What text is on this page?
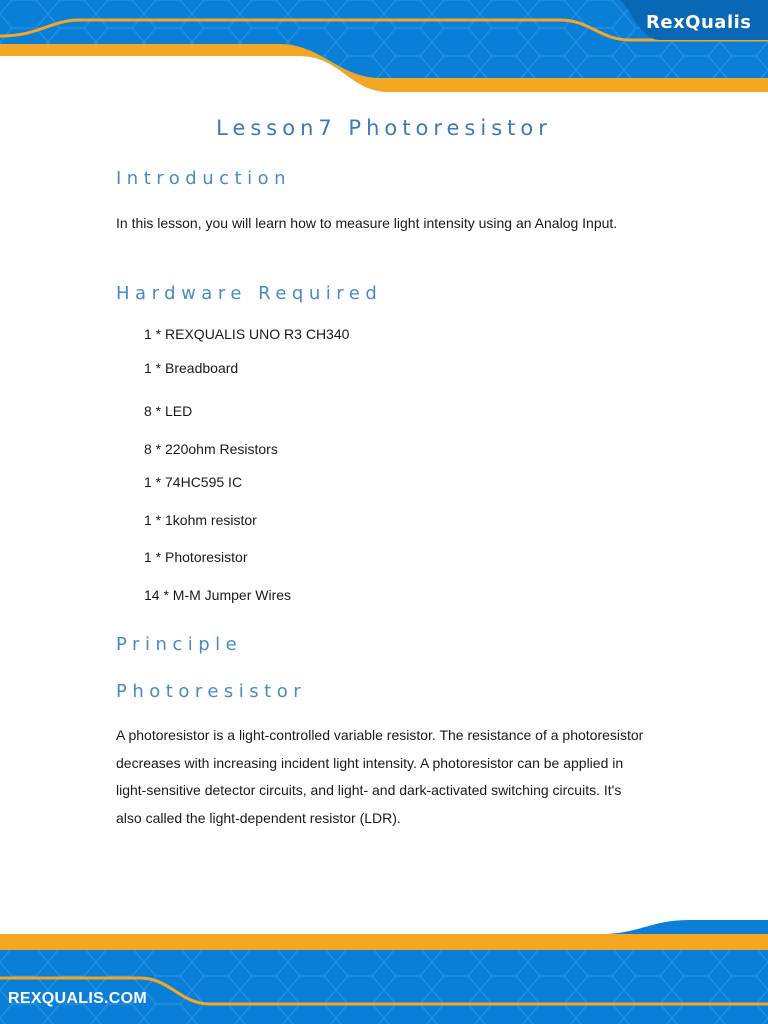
RexQualis
REXQUALIS.COM
Lesson7 Photoresistor
Introduction

In this lesson, you will learn how to measure light intensity using an Analog Input.

Hardware Required
1 * REXQUALIS UNO R3 CH340
1 * Breadboard
8 * LED
8 * 220ohm Resistors
1 * 74HC595 IC
1 * 1kohm resistor
1 * Photoresistor
14 * M-M Jumper Wires
Principle
Photoresistor

A photoresistor is a light-controlled variable resistor. The resistance of a photoresistor decreases with increasing incident light intensity. A photoresistor can be applied in light-sensitive detector circuits, and light- and dark-activated switching circuits. It's also called the light-dependent resistor (LDR).
